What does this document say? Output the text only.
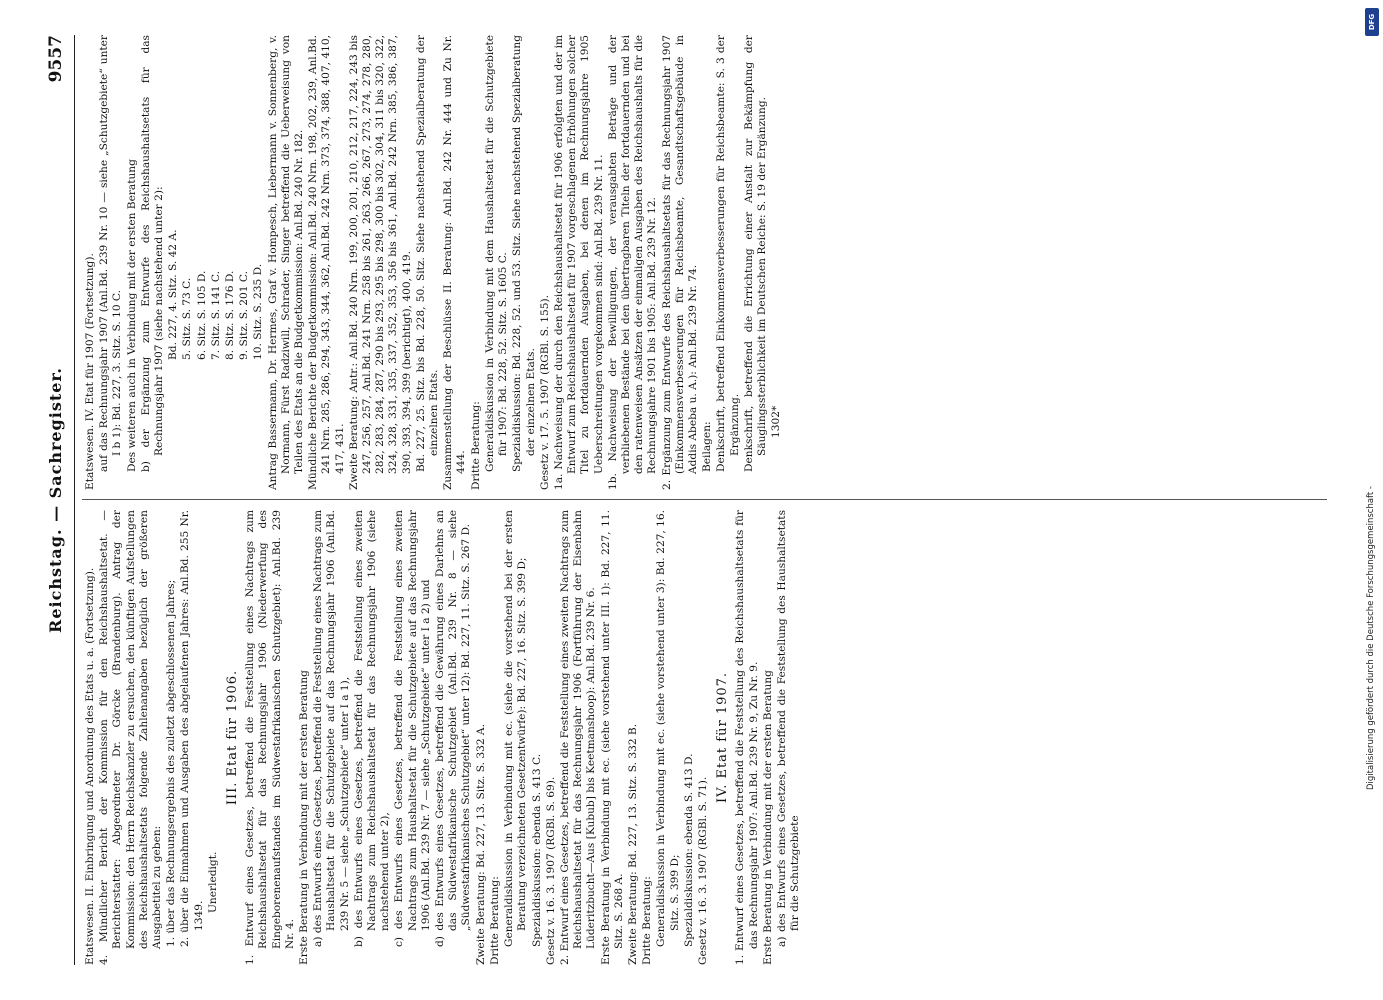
Reichstag. — Sachregister.
9557

Etatswesen. II. Einbringung und Anordnung des Etats u. a. (Fortsetzung). 4. Mündlicher Bericht der Kommission für den Reichshaushaltsetat. — Berichterstatter: Abgeordneter Dr. Görcke (Brandenburg). Antrag der Kommission: den Herrn Reichskanzler zu ersuchen, den künftigen Aufstellungen des Reichshaushaltsetats folgende Zahlenangaben bezüglich der größeren Ausgabetitel zu geben: 1. über das Rechnungsergebnis des zuletzt abgeschlossenen Jahres; 2. über die Einnahmen und Ausgaben des abgelaufenen Jahres: Anl.Bd. 255 Nr. 1349.

Unerledigt.

III. Etat für 1906. 1. Entwurf eines Gesetzes, betreffend die Feststellung eines Nachtrags zum Reichshaushaltsetat für das Rechnungsjahr 1906 (Niederwerfung des Eingeborenenaufstandes im Südwestafrikanischen Schutzgebiet): Anl.Bd. 239 Nr. 4. Erste Beratung in Verbindung mit der ersten Beratung a) des Entwurfs eines Gesetzes, betreffend die Feststellung eines Nachtrags zum Haushaltsetat für die Schutzgebiete auf das Rechnungsjahr 1906 (Anl.Bd. 239 Nr. 5 — siehe „Schutzgebiete“ unter I a 1), b) des Entwurfs eines Gesetzes, betreffend die Feststellung eines zweiten Nachtrags zum Reichshaushaltsetat für das Rechnungsjahr 1906 (siehe nachstehend unter 2), c) des Entwurfs eines Gesetzes, betreffend die Feststellung eines zweiten Nachtrags zum Haushaltsetat für die Schutzgebiete auf das Rechnungsjahr 1906 (Anl.Bd. 239 Nr. 7 — siehe „Schutzgebiete“ unter I a 2) und d) des Entwurfs eines Gesetzes, betreffend die Gewährung eines Darlehns an das Südwestafrikanische Schutzgebiet (Anl.Bd. 239 Nr. 8 — siehe „Südwestafrikanisches Schutzgebiet“ unter 12): Bd. 227, 11. Sitz. S. 267 D. Zweite Beratung: Bd. 227, 13. Sitz. S. 332 A. Dritte Beratung: Generaldiskussion in Verbindung mit ec. (siehe die vorstehend bei der ersten Beratung verzeichneten Gesetzentwürfe): Bd. 227, 16. Sitz. S. 399 D; Spezialdiskussion: ebenda S. 413 C. Gesetz v. 16. 3. 1907 (RGBl. S. 69). 2. Entwurf eines Gesetzes, betreffend die Feststellung eines zweiten Nachtrags zum Reichshaushaltsetat für das Rechnungsjahr 1906 (Fortführung der Eisenbahn Lüderitzbucht—Aus [Kubub] bis Keetmanshoop): Anl.Bd. 239 Nr. 6. Erste Beratung in Verbindung mit ec. (siehe vorstehend unter III. 1): Bd. 227, 11. Sitz. S. 268 A. Zweite Beratung: Bd. 227, 13. Sitz. S. 332 B. Dritte Beratung: Generaldiskussion in Verbindung mit ec. (siehe vorstehend unter 3): Bd. 227, 16. Sitz. S. 399 D; Spezialdiskussion: ebenda S. 413 D. Gesetz v. 16. 3. 1907 (RGBl. S. 71).

IV. Etat für 1907. 1. Entwurf eines Gesetzes, betreffend die Feststellung des Reichshaushaltsetats für das Rechnungsjahr 1907: Anl.Bd. 239 Nr. 9, Zu Nr. 9. Erste Beratung in Verbindung mit der ersten Beratung a) des Entwurfs eines Gesetzes, betreffend die Feststellung des Haushaltsetats für die Schutzgebiete

Etatswesen. IV. Etat für 1907 (Fortsetzung). auf das Rechnungsjahr 1907 (Anl.Bd. 239 Nr. 10 — siehe „Schutzgebiete“ unter I b 1): Bd. 227, 3. Sitz. S. 10 C. Des weiteren auch in Verbindung mit der ersten Beratung b) der Ergänzung zum Entwurfe des Reichshaushaltsetats für das Rechnungsjahr 1907 (siehe nachstehend unter 2): Bd. 227, 4. Sitz. S. 42 A. 5. Sitz. S. 73 C. 6. Sitz. S. 105 D. 7. Sitz. S. 141 C. 8. Sitz. S. 176 D. 9. Sitz. S. 201 C. 10. Sitz. S. 235 D. Antrag Bassermann, Dr. Hermes, Graf v. Hompesch, Liebermann v. Sonnenberg, v. Normann, Fürst Radziwill, Schrader, Singer betreffend die Ueberweisung von Teilen des Etats an die Budgetkommission: Anl.Bd. 240 Nr. 182. Mündliche Berichte der Budgetkommission: Anl.Bd. 240 Nrn. 198, 202, 239, Anl.Bd. 241 Nrn. 285, 286, 294, 343, 344, 362, Anl.Bd. 242 Nrn. 373, 374, 388, 407, 410, 417, 431. Zweite Beratung: Antr.: Anl.Bd. 240 Nrn. 199, 200, 201, 210, 212, 217, 224, 243 bis 247, 256, 257, Anl.Bd. 241 Nrn. 258 bis 261, 263, 266, 267, 273, 274, 278, 280, 282, 283, 284, 287, 290 bis 293, 295 bis 298, 300 bis 302, 304, 311 bis 320, 322, 324, 328, 331, 335, 337, 352, 353, 356 bis 361, Anl.Bd. 242 Nrn. 385, 386, 387, 390, 393, 394, 399 (berichtigt), 400, 419. Bd. 227, 25. Sitz. bis Bd. 228, 50. Sitz. Siehe nachstehend Spezialberatung der einzelnen Etats. Zusammenstellung der Beschlüsse II. Beratung: Anl.Bd. 242 Nr. 444 und Zu Nr. 444. Dritte Beratung: Generaldiskussion in Verbindung mit dem Haushaltsetat für die Schutzgebiete für 1907: Bd. 228, 52. Sitz. S. 1605 C. Spezialdiskussion: Bd. 228, 52. und 53. Sitz. Siehe nachstehend Spezialberatung der einzelnen Etats. Gesetz v. 17. 5. 1907 (RGBl. S. 155). 1a. Nachweisung der durch den Reichshaushaltsetat für 1906 erfolgten und der im Entwurf zum Reichshaushaltsetat für 1907 vorgeschlagenen Erhöhungen solcher Titel zu fortdauernden Ausgaben, bei denen im Rechnungsjahre 1905 Ueberschreitungen vorgekommen sind: Anl.Bd. 239 Nr. 11. 1b. Nachweisung der Bewilligungen, der verausgabten Beträge und der verbliebenen Bestände bei den übertragbaren Titeln der fortdauernden und bei den ratenweisen Ansätzen der einmaligen Ausgaben des Reichshaushalts für die Rechnungsjahre 1901 bis 1905: Anl.Bd. 239 Nr. 12. 2. Ergänzung zum Entwurfe des Reichshaushaltsetats für das Rechnungsjahr 1907 (Einkommensverbesserungen für Reichsbeamte, Gesandtschaftsgebäude in Addis Abeba u. A.): Anl.Bd. 239 Nr. 74. Beilagen: Denkschrift, betreffend Einkommensverbesserungen für Reichsbeamte: S. 3 der Ergänzung. Denkschrift, betreffend die Errichtung einer Anstalt zur Bekämpfung der Säuglingssterblichkeit im Deutschen Reiche: S. 19 der Ergänzung. 1302*

DFG
Digitalisierung gefördert durch die Deutsche Forschungsgemeinschaft -
